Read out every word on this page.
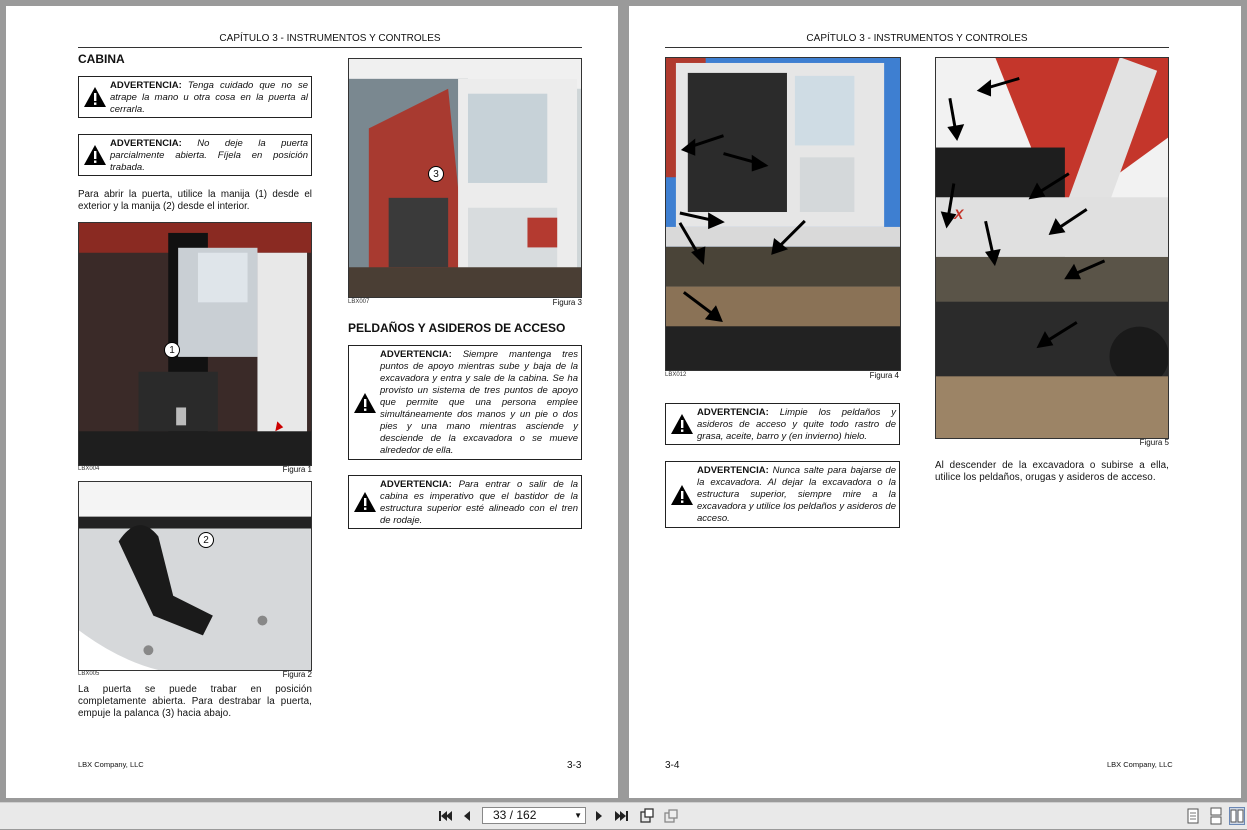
CAPÍTULO 3 - INSTRUMENTOS Y CONTROLES
CABINA
ADVERTENCIA: Tenga cuidado que no se atrape la mano u otra cosa en la puerta al cerrarla.
ADVERTENCIA: No deje la puerta parcialmente abierta. Fíjela en posición trabada.
Para abrir la puerta, utilice la manija (1) desde el exterior y la manija (2) desde el interior.
1
LBX004	Figura 1
2
LBX005	Figura 2
La puerta se puede trabar en posición completamente abierta. Para destrabar la puerta, empuje la palanca (3) hacia abajo.
3
LBX007	Figura 3
PELDAÑOS Y ASIDEROS DE ACCESO
ADVERTENCIA: Siempre mantenga tres puntos de apoyo mientras sube y baja de la excavadora y entra y sale de la cabina. Se ha provisto un sistema de tres puntos de apoyo que permite que una persona emplee simultáneamente dos manos y un pie o dos pies y una mano mientras asciende y desciende de la excavadora o se mueve alrededor de ella.
ADVERTENCIA: Para entrar o salir de la cabina es imperativo que el bastidor de la estructura superior esté alineado con el tren de rodaje.
LBX Company, LLC	3-3
CAPÍTULO 3 - INSTRUMENTOS Y CONTROLES
LBX012	Figura 4
ADVERTENCIA: Limpie los peldaños y asideros de acceso y quite todo rastro de grasa, aceite, barro y (en invierno) hielo.
ADVERTENCIA: Nunca salte para bajarse de la excavadora. Al dejar la excavadora o la estructura superior, siempre mire a la excavadora y utilice los peldaños y asideros de acceso.
X
Figura 5
Al descender de la excavadora o subirse a ella, utilice los peldaños, orugas y asideros de acceso.
3-4	LBX Company, LLC
33 / 162	▼
